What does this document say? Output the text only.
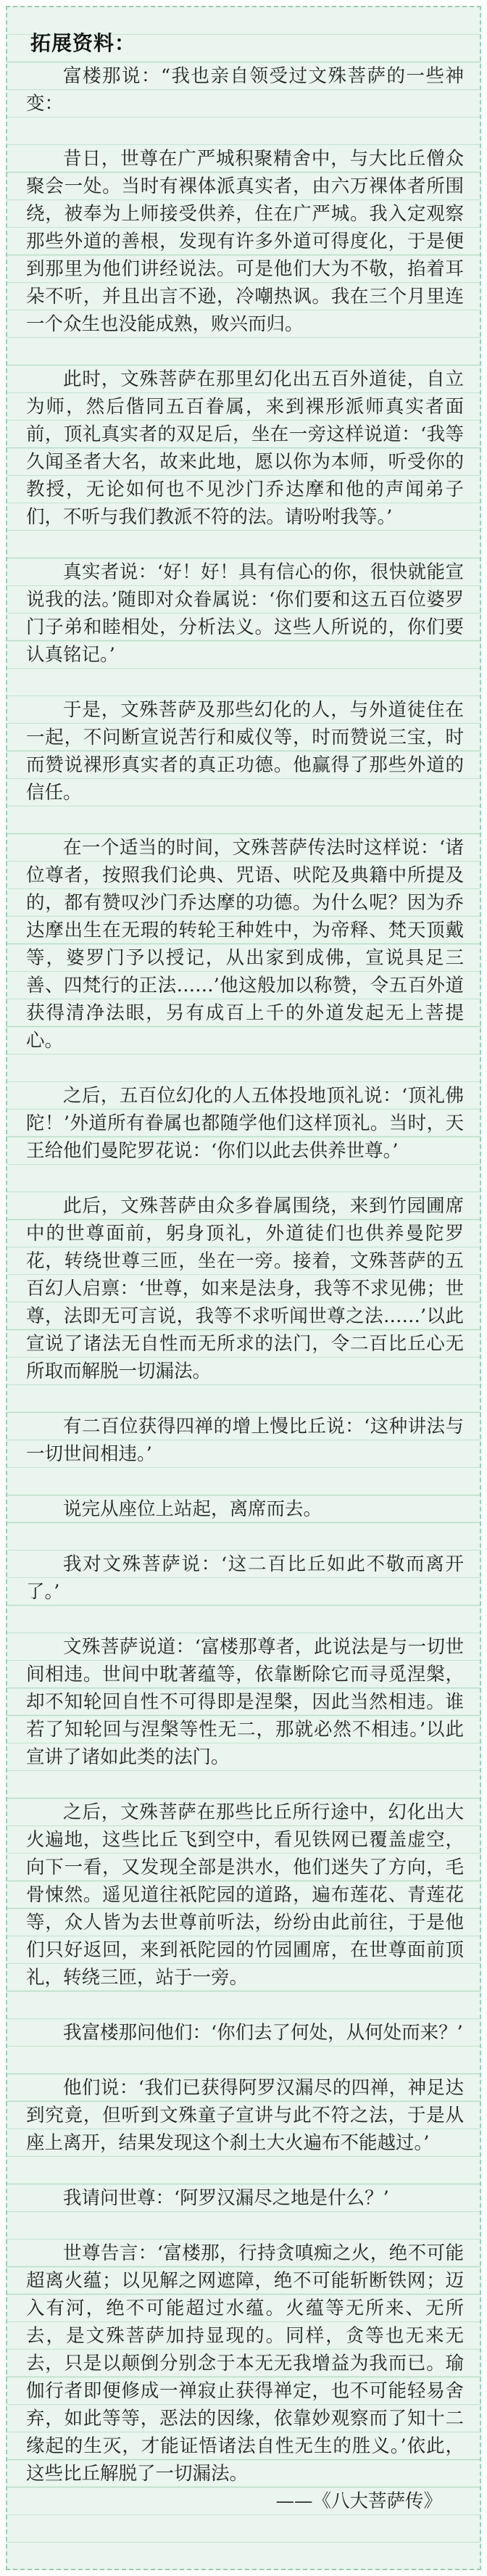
拓展资料：

富楼那说：“我也亲自领受过文殊菩萨的一些神变：

昔日，世尊在广严城积聚精舍中，与大比丘僧众聚会一处。当时有裸体派真实者，由六万裸体者所围绕，被奉为上师接受供养，住在广严城。我入定观察那些外道的善根，发现有许多外道可得度化，于是便到那里为他们讲经说法。可是他们大为不敬，掐着耳朵不听，并且出言不逊，冷嘲热讽。我在三个月里连一个众生也没能成熟，败兴而归。

此时，文殊菩萨在那里幻化出五百外道徒，自立为师，然后偕同五百眷属，来到裸形派师真实者面前，顶礼真实者的双足后，坐在一旁这样说道：‘我等久闻圣者大名，故来此地，愿以你为本师，听受你的教授，无论如何也不见沙门乔达摩和他的声闻弟子们，不听与我们教派不符的法。请吩咐我等。’

真实者说：‘好！好！具有信心的你，很快就能宣说我的法。’随即对众眷属说：‘你们要和这五百位婆罗门子弟和睦相处，分析法义。这些人所说的，你们要认真铭记。’

于是，文殊菩萨及那些幻化的人，与外道徒住在一起，不问断宣说苦行和威仪等，时而赞说三宝，时而赞说裸形真实者的真正功德。他赢得了那些外道的信任。

在一个适当的时间，文殊菩萨传法时这样说：‘诸位尊者，按照我们论典、咒语、吠陀及典籍中所提及的，都有赞叹沙门乔达摩的功德。为什么呢？因为乔达摩出生在无瑕的转轮王种姓中，为帝释、梵天顶戴等，婆罗门予以授记，从出家到成佛，宣说具足三善、四梵行的正法……’他这般加以称赞，令五百外道获得清净法眼，另有成百上千的外道发起无上菩提心。

之后，五百位幻化的人五体投地顶礼说：‘顶礼佛陀！’外道所有眷属也都随学他们这样顶礼。当时，天王给他们曼陀罗花说：‘你们以此去供养世尊。’

此后，文殊菩萨由众多眷属围绕，来到竹园圃席中的世尊面前，躬身顶礼，外道徒们也供养曼陀罗花，转绕世尊三匝，坐在一旁。接着，文殊菩萨的五百幻人启禀：‘世尊，如来是法身，我等不求见佛；世尊，法即无可言说，我等不求听闻世尊之法……’以此宣说了诸法无自性而无所求的法门，令二百比丘心无所取而解脱一切漏法。

有二百位获得四禅的增上慢比丘说：‘这种讲法与一切世间相违。’

说完从座位上站起，离席而去。

我对文殊菩萨说：‘这二百比丘如此不敬而离开了。’

文殊菩萨说道：‘富楼那尊者，此说法是与一切世间相违。世间中耽著蕴等，依靠断除它而寻觅涅槃，却不知轮回自性不可得即是涅槃，因此当然相违。谁若了知轮回与涅槃等性无二，那就必然不相违。’以此宣讲了诸如此类的法门。

之后，文殊菩萨在那些比丘所行途中，幻化出大火遍地，这些比丘飞到空中，看见铁网已覆盖虚空，向下一看，又发现全部是洪水，他们迷失了方向，毛骨悚然。遥见道往祇陀园的道路，遍布莲花、青莲花等，众人皆为去世尊前听法，纷纷由此前往，于是他们只好返回，来到祇陀园的竹园圃席，在世尊面前顶礼，转绕三匝，站于一旁。

我富楼那问他们：‘你们去了何处，从何处而来？’

他们说：‘我们已获得阿罗汉漏尽的四禅，神足达到究竟，但听到文殊童子宣讲与此不符之法，于是从座上离开，结果发现这个刹土大火遍布不能越过。’

我请问世尊：‘阿罗汉漏尽之地是什么？’

世尊告言：‘富楼那，行持贪嗔痴之火，绝不可能超离火蕴；以见解之网遮障，绝不可能斩断铁网；迈入有河，绝不可能超过水蕴。火蕴等无所来、无所去，是文殊菩萨加持显现的。同样，贪等也无来无去，只是以颠倒分别念于本无无我增益为我而已。瑜伽行者即便修成一禅寂止获得禅定，也不可能轻易舍弃，如此等等，恶法的因缘，依靠妙观察而了知十二缘起的生灭，才能证悟诸法自性无生的胜义。’依此，这些比丘解脱了一切漏法。

——《八大菩萨传》
